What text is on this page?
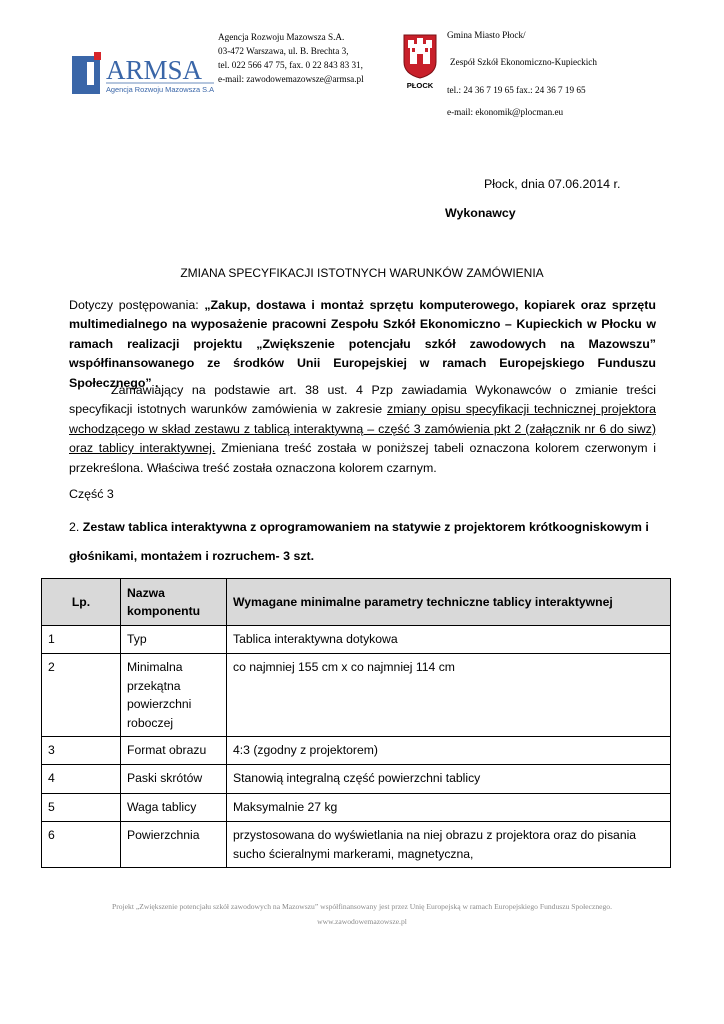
ARMSA
Agencja Rozwoju Mazowsza S.A
Agencja Rozwoju Mazowsza S.A.
03-472 Warszawa, ul. B. Brechta 3,
tel. 022 566 47 75, fax. 0 22 843 83 31,
e-mail: zawodowemazowsze@armsa.pl
PŁOCK
Gmina Miasto Płock/
Zespół Szkół Ekonomiczno-Kupieckich
tel.: 24 36 7 19 65 fax.: 24 36 7 19 65
e-mail: ekonomik@plocman.eu
Płock, dnia 07.06.2014 r.
Wykonawcy
ZMIANA SPECYFIKACJI ISTOTNYCH WARUNKÓW ZAMÓWIENIA
Dotyczy postępowania: „Zakup, dostawa i montaż sprzętu komputerowego, kopiarek oraz sprzętu multimedialnego na wyposażenie pracowni Zespołu Szkół Ekonomiczno – Kupieckich w Płocku w ramach realizacji projektu „Zwiększenie potencjału szkół zawodowych na Mazowszu” współfinansowanego ze środków Unii Europejskiej w ramach Europejskiego Funduszu Społecznego” .
Zamawiający na podstawie art. 38 ust. 4 Pzp zawiadamia Wykonawców o zmianie treści specyfikacji istotnych warunków zamówienia w zakresie zmiany opisu specyfikacji technicznej projektora wchodzącego w skład zestawu z tablicą interaktywną – część 3 zamówienia pkt 2 (załącznik nr 6 do siwz) oraz tablicy interaktywnej. Zmieniana treść została w poniższej tabeli oznaczona kolorem czerwonym i przekreślona. Właściwa treść została oznaczona kolorem czarnym.
Część 3
2. Zestaw tablica interaktywna z oprogramowaniem na statywie z projektorem krótkoogniskowym i
głośnikami, montażem i rozruchem- 3 szt.
Lp.	Nazwa komponentu	Wymagane minimalne parametry techniczne tablicy interaktywnej
1	Typ	Tablica interaktywna dotykowa
2	Minimalna przekątna powierzchni roboczej	co najmniej 155 cm x co najmniej 114 cm
3	Format obrazu	4:3 (zgodny z projektorem)
4	Paski skrótów	Stanowią integralną część powierzchni tablicy
5	Waga tablicy	Maksymalnie 27 kg
6	Powierzchnia	przystosowana do wyświetlania na niej obrazu z projektora oraz do pisania sucho ścieralnymi markerami, magnetyczna,
Projekt „Zwiększenie potencjału szkół zawodowych na Mazowszu” współfinansowany jest przez Unię Europejską w ramach Europejskiego Funduszu Społecznego.
www.zawodowemazowsze.pl
